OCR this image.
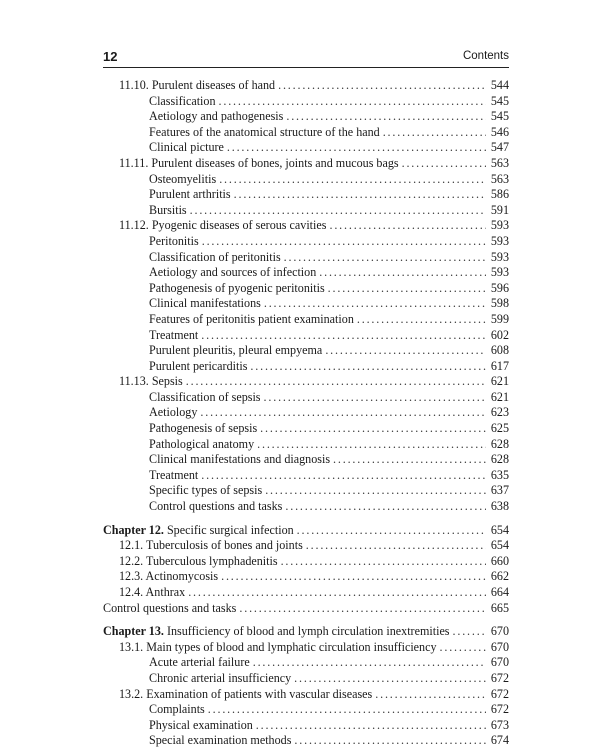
12	Contents
11.10. Purulent diseases of hand . . .	544
Classification . . .	545
Aetiology and pathogenesis . . .	545
Features of the anatomical structure of the hand . . .	546
Clinical picture . . .	547
11.11. Purulent diseases of bones, joints and mucous bags . . .	563
Osteomyelitis . . .	563
Purulent arthritis . . .	586
Bursitis . . .	591
11.12. Pyogenic diseases of serous cavities . . .	593
Peritonitis . . .	593
Classification of peritonitis . . .	593
Aetiology and sources of infection . . .	593
Pathogenesis of pyogenic peritonitis . . .	596
Clinical manifestations . . .	598
Features of peritonitis patient examination . . .	599
Treatment . . .	602
Purulent pleuritis, pleural empyema . . .	608
Purulent pericarditis . . .	617
11.13. Sepsis . . .	621
Classification of sepsis . . .	621
Aetiology . . .	623
Pathogenesis of sepsis . . .	625
Pathological anatomy . . .	628
Clinical manifestations and diagnosis . . .	628
Treatment . . .	635
Specific types of sepsis . . .	637
Control questions and tasks . . .	638
Chapter 12. Specific surgical infection . . .	654
12.1. Tuberculosis of bones and joints . . .	654
12.2. Tuberculous lymphadenitis . . .	660
12.3. Actinomycosis . . .	662
12.4. Anthrax . . .	664
Control questions and tasks . . .	665
Chapter 13. Insufficiency of blood and lymph circulation inextremities . . .	670
13.1. Main types of blood and lymphatic circulation insufficiency . . .	670
Acute arterial failure . . .	670
Chronic arterial insufficiency . . .	672
13.2. Examination of patients with vascular diseases . . .	672
Complaints . . .	672
Physical examination . . .	673
Special examination methods . . .	674
